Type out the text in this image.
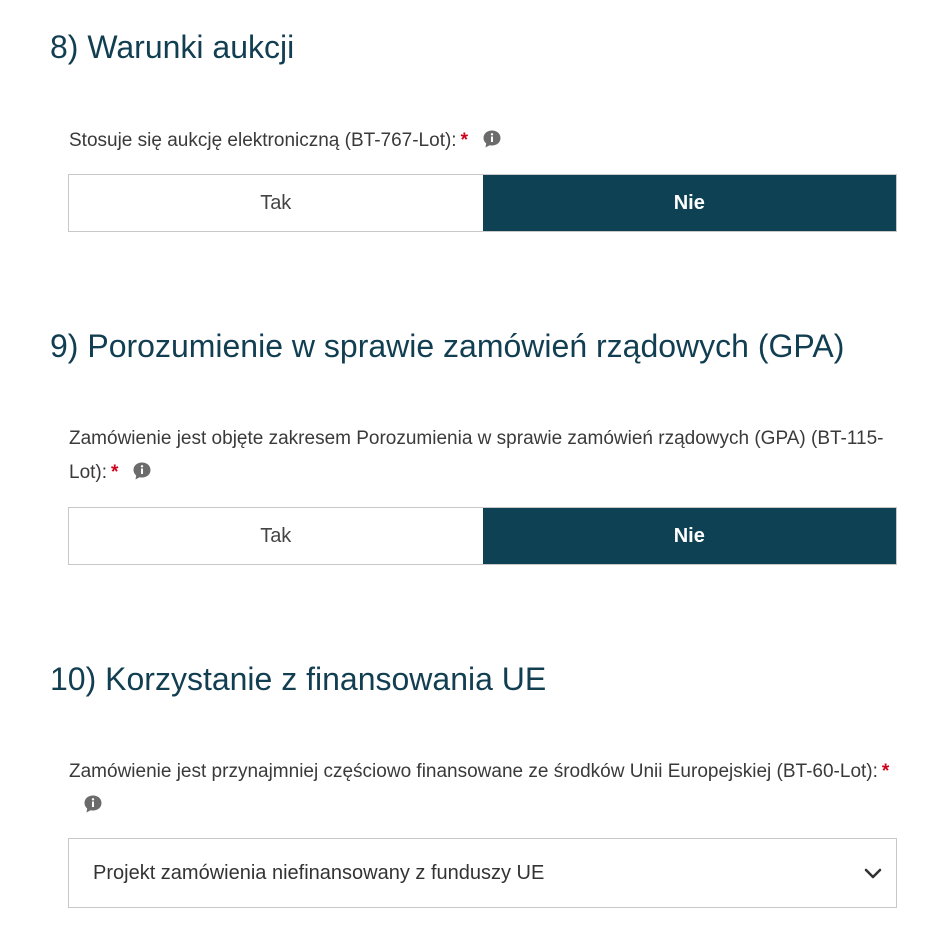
8) Warunki aukcji
Stosuje się aukcję elektroniczną (BT-767-Lot): *
Tak	Nie
9) Porozumienie w sprawie zamówień rządowych (GPA)
Zamówienie jest objęte zakresem Porozumienia w sprawie zamówień rządowych (GPA) (BT-115-Lot): *
Tak	Nie
10) Korzystanie z finansowania UE
Zamówienie jest przynajmniej częściowo finansowane ze środków Unii Europejskiej (BT-60-Lot): *
Projekt zamówienia niefinansowany z funduszy UE
